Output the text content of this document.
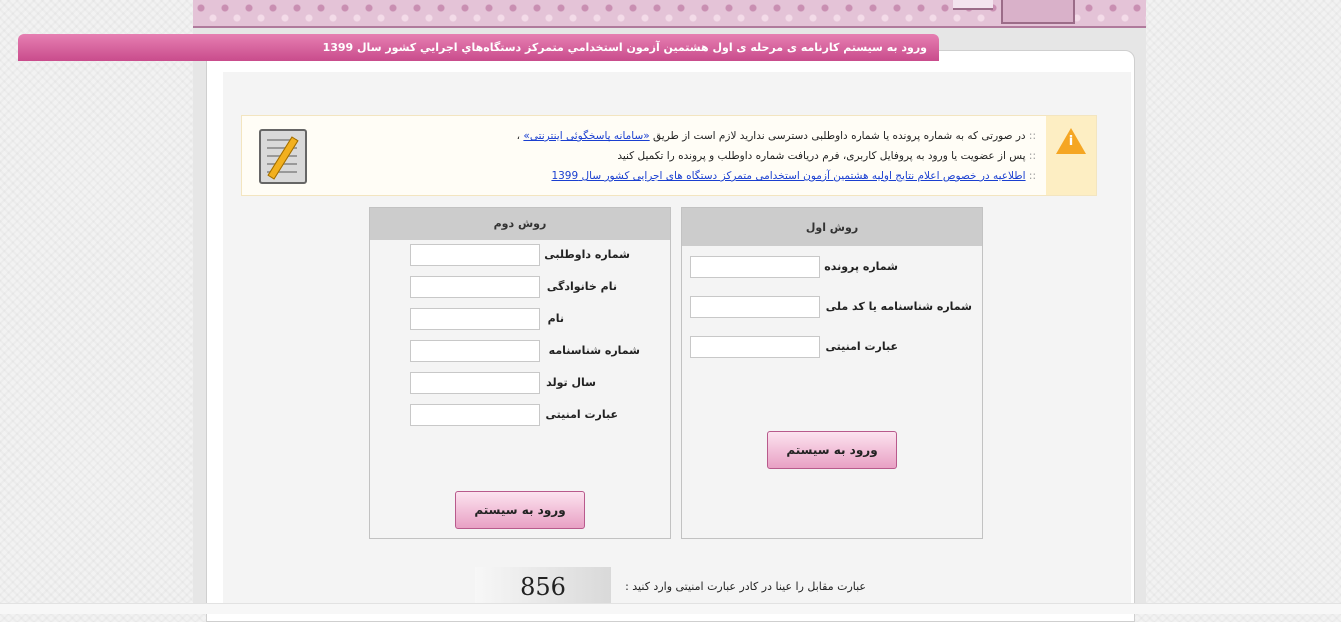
ورود به سيستم کارنامه ی مرحله ی اول هشتمین آزمون استخدامي متمرکز دستگاه‌هاي اجرايي کشور سال 1399
i
:: در صورتی که به شماره پرونده یا شماره داوطلبی دسترسی ندارید لازم است از طریق «سامانه پاسخگوئی اینترنتی» ،
:: پس از عضویت یا ورود به پروفایل کاربری، فرم دریافت شماره داوطلب و پرونده را تکمیل کنید
:: اطلاعیه در خصوص اعلام نتایج اولیه هشتمین آزمون استخدامی متمرکز دستگاه های اجرایی کشور سال 1399
روش اول
شماره پرونده
شماره شناسنامه یا کد ملی
عبارت امنیتی
ورود به سیستم
روش دوم
شماره داوطلبی
نام خانوادگی
نام
شماره شناسنامه
سال تولد
عبارت امنیتی
ورود به سیستم
عبارت مقابل را عینا در کادر عبارت امنیتی وارد کنید :
856
